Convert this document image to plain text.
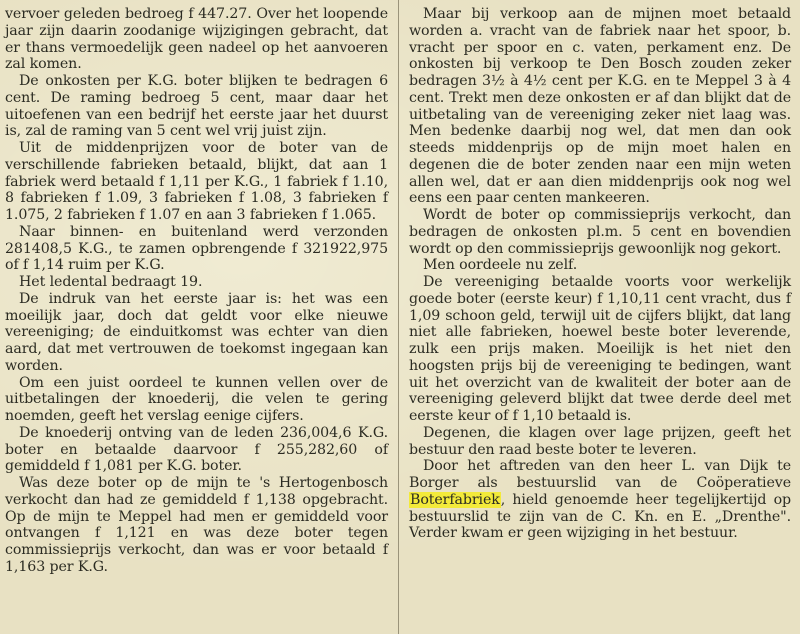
vervoer geleden bedroeg f 447.27. Over het loopende jaar zijn daarin zoodanige wijzigingen gebracht, dat er thans vermoedelijk geen nadeel op het aanvoeren zal komen.

De onkosten per K.G. boter blijken te bedragen 6 cent. De raming bedroeg 5 cent, maar daar het uitoefenen van een bedrijf het eerste jaar het duurst is, zal de raming van 5 cent wel vrij juist zijn.

Uit de middenprijzen voor de boter van de verschillende fabrieken betaald, blijkt, dat aan 1 fabriek werd betaald f 1,11 per K.G., 1 fabriek f 1.10, 8 fabrieken f 1.09, 3 fabrieken f 1.08, 3 fabrieken f 1.075, 2 fabrieken f 1.07 en aan 3 fabrieken f 1.065.

Naar binnen- en buitenland werd verzonden 281408,5 K.G., te zamen opbrengende f 321922,975 of f 1,14 ruim per K.G.

Het ledental bedraagt 19.

De indruk van het eerste jaar is: het was een moeilijk jaar, doch dat geldt voor elke nieuwe vereeniging; de einduitkomst was echter van dien aard, dat met vertrouwen de toekomst ingegaan kan worden.

Om een juist oordeel te kunnen vellen over de uitbetalingen der knoederij, die velen te gering noemden, geeft het verslag eenige cijfers.

De knoederij ontving van de leden 236,004,6 K.G. boter en betaalde daarvoor f 255,282,60 of gemiddeld f 1,081 per K.G. boter.

Was deze boter op de mijn te 's Hertogenbosch verkocht dan had ze gemiddeld f 1,138 opgebracht. Op de mijn te Meppel had men er gemiddeld voor ontvangen f 1,121 en was deze boter tegen commissieprijs verkocht, dan was er voor betaald f 1,163 per K.G.

Maar bij verkoop aan de mijnen moet betaald worden a. vracht van de fabriek naar het spoor, b. vracht per spoor en c. vaten, perkament enz. De onkosten bij verkoop te Den Bosch zouden zeker bedragen 3½ à 4½ cent per K.G. en te Meppel 3 à 4 cent. Trekt men deze onkosten er af dan blijkt dat de uitbetaling van de vereeniging zeker niet laag was. Men bedenke daarbij nog wel, dat men dan ook steeds middenprijs op de mijn moet halen en degenen die de boter zenden naar een mijn weten allen wel, dat er aan dien middenprijs ook nog wel eens een paar centen mankeeren.

Wordt de boter op commissieprijs verkocht, dan bedragen de onkosten pl.m. 5 cent en bovendien wordt op den commissieprijs gewoonlijk nog gekort.

Men oordeele nu zelf.

De vereeniging betaalde voorts voor werkelijk goede boter (eerste keur) f 1,10,11 cent vracht, dus f 1,09 schoon geld, terwijl uit de cijfers blijkt, dat lang niet alle fabrieken, hoewel beste boter leverende, zulk een prijs maken. Moeilijk is het niet den hoogsten prijs bij de vereeniging te bedingen, want uit het overzicht van de kwaliteit der boter aan de vereeniging geleverd blijkt dat twee derde deel met eerste keur of f 1,10 betaald is.

Degenen, die klagen over lage prijzen, geeft het bestuur den raad beste boter te leveren.

Door het aftreden van den heer L. van Dijk te Borger als bestuurslid van de Coöperatieve Boterfabriek, hield genoemde heer tegelijkertijd op bestuurslid te zijn van de C. Kn. en E. „Drenthe". Verder kwam er geen wijziging in het bestuur.
